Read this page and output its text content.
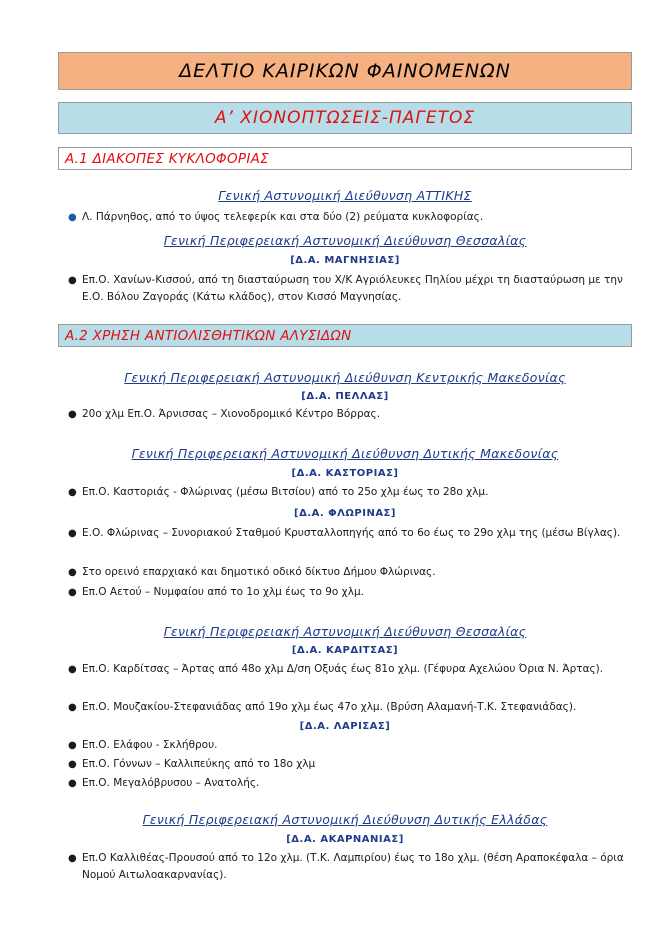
ΔΕΛΤΙΟ ΚΑΙΡΙΚΩΝ ΦΑΙΝΟΜΕΝΩΝ
Α’ ΧΙΟΝΟΠΤΩΣΕΙΣ-ΠΑΓΕΤΟΣ
Α.1 ΔΙΑΚΟΠΕΣ ΚΥΚΛΟΦΟΡΙΑΣ
Γενική Αστυνομική Διεύθυνση ΑΤΤΙΚΗΣ
● Λ. Πάρνηθος, από το ύψος τελεφερίκ και στα δύο (2) ρεύματα κυκλοφορίας.
Γενική Περιφερειακή Αστυνομική Διεύθυνση Θεσσαλίας
[Δ.Α. ΜΑΓΝΗΣΙΑΣ]
● Επ.Ο. Χανίων-Κισσού, από τη διασταύρωση του Χ/Κ Αγριόλευκες Πηλίου μέχρι τη διασταύρωση με την Ε.Ο. Βόλου Ζαγοράς (Κάτω κλάδος), στον Κισσό Μαγνησίας.
Α.2 ΧΡΗΣΗ ΑΝΤΙΟΛΙΣΘΗΤΙΚΩΝ ΑΛΥΣΙΔΩΝ
Γενική Περιφερειακή Αστυνομική Διεύθυνση Κεντρικής Μακεδονίας
[Δ.Α. ΠΕΛΛΑΣ]
● 20ο χλμ Επ.Ο. Άρνισσας – Χιονοδρομικό Κέντρο Βόρρας.
Γενική Περιφερειακή Αστυνομική Διεύθυνση Δυτικής Μακεδονίας
[Δ.Α. ΚΑΣΤΟΡΙΑΣ]
● Επ.Ο. Καστοριάς - Φλώρινας (μέσω Βιτσίου) από το 25ο χλμ έως το 28ο χλμ.
[Δ.Α. ΦΛΩΡΙΝΑΣ]
● Ε.Ο. Φλώρινας – Συνοριακού Σταθμού Κρυσταλλοπηγής από το 6ο έως το 29ο χλμ της (μέσω Βίγλας).
● Στο ορεινό επαρχιακό και δημοτικό οδικό δίκτυο Δήμου Φλώρινας.
● Επ.Ο Αετού – Νυμφαίου από το 1ο χλμ έως το 9ο χλμ.
Γενική Περιφερειακή Αστυνομική Διεύθυνση Θεσσαλίας
[Δ.Α. ΚΑΡΔΙΤΣΑΣ]
● Επ.Ο. Καρδίτσας – Άρτας από 48ο χλμ Δ/ση Οξυάς έως 81ο χλμ. (Γέφυρα Αχελώου Όρια Ν. Άρτας).
● Επ.Ο. Μουζακίου-Στεφανιάδας από 19ο χλμ έως 47ο χλμ. (Βρύση Αλαμανή-Τ.Κ. Στεφανιάδας).
[Δ.Α. ΛΑΡΙΣΑΣ]
● Επ.Ο. Ελάφου - Σκλήθρου.
● Επ.Ο. Γόννων – Καλλιπεύκης από το 18ο χλμ
● Επ.Ο. Μεγαλόβρυσου – Ανατολής.
Γενική Περιφερειακή Αστυνομική Διεύθυνση Δυτικής Ελλάδας
[Δ.Α. ΑΚΑΡΝΑΝΙΑΣ]
● Επ.Ο Καλλιθέας-Προυσού από το 12ο χλμ. (Τ.Κ. Λαμπιρίου) έως το 18ο χλμ. (θέση Αραποκέφαλα – όρια Νομού Αιτωλοακαρνανίας).
